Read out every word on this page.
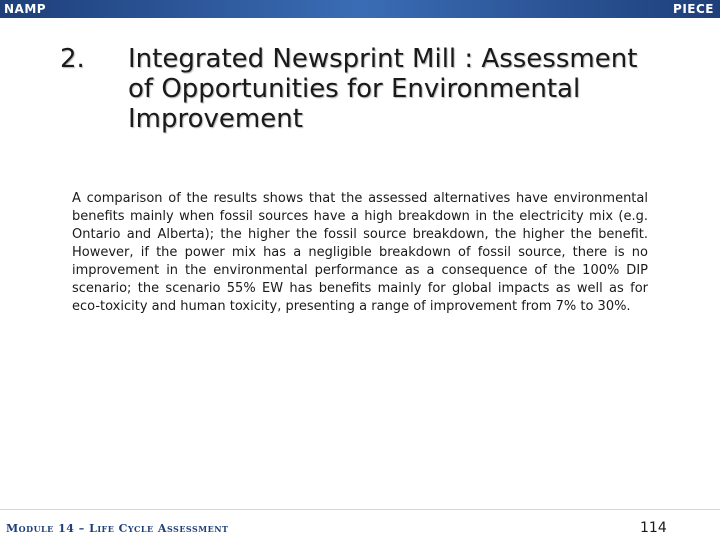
NAMP	PIECE
2. Integrated Newsprint Mill : Assessment of Opportunities for Environmental Improvement

A comparison of the results shows that the assessed alternatives have environmental benefits mainly when fossil sources have a high breakdown in the electricity mix (e.g. Ontario and Alberta); the higher the fossil source breakdown, the higher the benefit. However, if the power mix has a negligible breakdown of fossil source, there is no improvement in the environmental performance as a consequence of the 100% DIP scenario; the scenario 55% EW has benefits mainly for global impacts as well as for eco-toxicity and human toxicity, presenting a range of improvement from 7% to 30%.

Module 14 – Life Cycle Assessment	114
